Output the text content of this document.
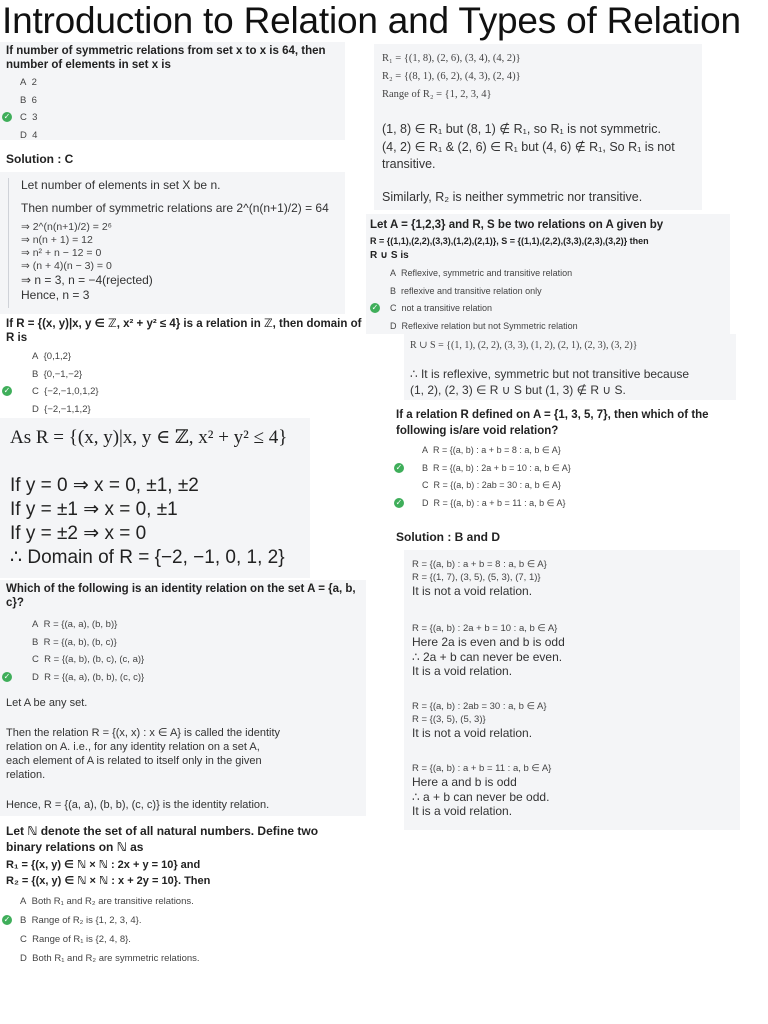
Introduction to Relation and Types of Relation
If number of symmetric relations from set x to x is 64, then number of elements in set x is
A 2
B 6
✓ C 3
D 4
Solution : C
Let number of elements in set X be n.
Then number of symmetric relations are 2^(n(n+1)/2) = 64
⇒ 2^(n(n+1)/2) = 2⁶
⇒ n(n + 1) = 12
⇒ n² + n − 12 = 0
⇒ (n + 4)(n − 3) = 0
⇒ n = 3, n = −4(rejected)
Hence, n = 3
If R = {(x, y)|x, y ∈ ℤ, x² + y² ≤ 4} is a relation in ℤ, then domain of R is
A {0,1,2}
B {0,−1,−2}
✓ C {−2,−1,0,1,2}
D {−2,−1,1,2}
As R = {(x, y)|x, y ∈ ℤ, x² + y² ≤ 4}
If y = 0 ⇒ x = 0, ±1, ±2
If y = ±1 ⇒ x = 0, ±1
If y = ±2 ⇒ x = 0
∴ Domain of R = {−2, −1, 0, 1, 2}
Which of the following is an identity relation on the set A = {a, b, c}?
A R = {(a, a), (b, b)}
B R = {(a, b), (b, c)}
C R = {(a, b), (b, c), (c, a)}
✓ D R = {(a, a), (b, b), (c, c)}
Let A be any set.
Then the relation R = {(x, x) : x ∈ A} is called the identity
relation on A. i.e., for any identity relation on a set A,
each element of A is related to itself only in the given
relation.
Hence, R = {(a, a), (b, b), (c, c)} is the identity relation.
Let ℕ denote the set of all natural numbers. Define two
binary relations on ℕ as
R₁ = {(x, y) ∈ ℕ × ℕ : 2x + y = 10} and
R₂ = {(x, y) ∈ ℕ × ℕ : x + 2y = 10}. Then
A Both R₁ and R₂ are transitive relations.
✓ B Range of R₂ is {1, 2, 3, 4}.
C Range of R₁ is {2, 4, 8}.
D Both R₁ and R₂ are symmetric relations.
R₁ = {(1, 8), (2, 6), (3, 4), (4, 2)}
R₂ = {(8, 1), (6, 2), (4, 3), (2, 4)}
Range of R₂ = {1, 2, 3, 4}
(1, 8) ∈ R₁ but (8, 1) ∉ R₁, so R₁ is not symmetric.
(4, 2) ∈ R₁ & (2, 6) ∈ R₁ but (4, 6) ∉ R₁, So R₁ is not
transitive.
Similarly, R₂ is neither symmetric nor transitive.
Let A = {1,2,3} and R, S be two relations on A given by
R = {(1,1),(2,2),(3,3),(1,2),(2,1)}, S = {(1,1),(2,2),(3,3),(2,3),(3,2)} then
R ∪ S is
A Reflexive, symmetric and transitive relation
B reflexive and transitive relation only
✓ C not a transitive relation
D Reflexive relation but not Symmetric relation
R ∪ S = {(1, 1), (2, 2), (3, 3), (1, 2), (2, 1), (2, 3), (3, 2)}
∴ It is reflexive, symmetric but not transitive because
(1, 2), (2, 3) ∈ R ∪ S but (1, 3) ∉ R ∪ S.
If a relation R defined on A = {1, 3, 5, 7}, then which of the
following is/are void relation?
A R = {(a, b) : a + b = 8 : a, b ∈ A}
✓ B R = {(a, b) : 2a + b = 10 : a, b ∈ A}
C R = {(a, b) : 2ab = 30 : a, b ∈ A}
✓ D R = {(a, b) : a + b = 11 : a, b ∈ A}
Solution : B and D
R = {(a, b) : a + b = 8 : a, b ∈ A}
R = {(1, 7), (3, 5), (5, 3), (7, 1)}
It is not a void relation.
R = {(a, b) : 2a + b = 10 : a, b ∈ A}
Here 2a is even and b is odd
∴ 2a + b can never be even.
It is a void relation.
R = {(a, b) : 2ab = 30 : a, b ∈ A}
R = {(3, 5), (5, 3)}
It is not a void relation.
R = {(a, b) : a + b = 11 : a, b ∈ A}
Here a and b is odd
∴ a + b can never be odd.
It is a void relation.
